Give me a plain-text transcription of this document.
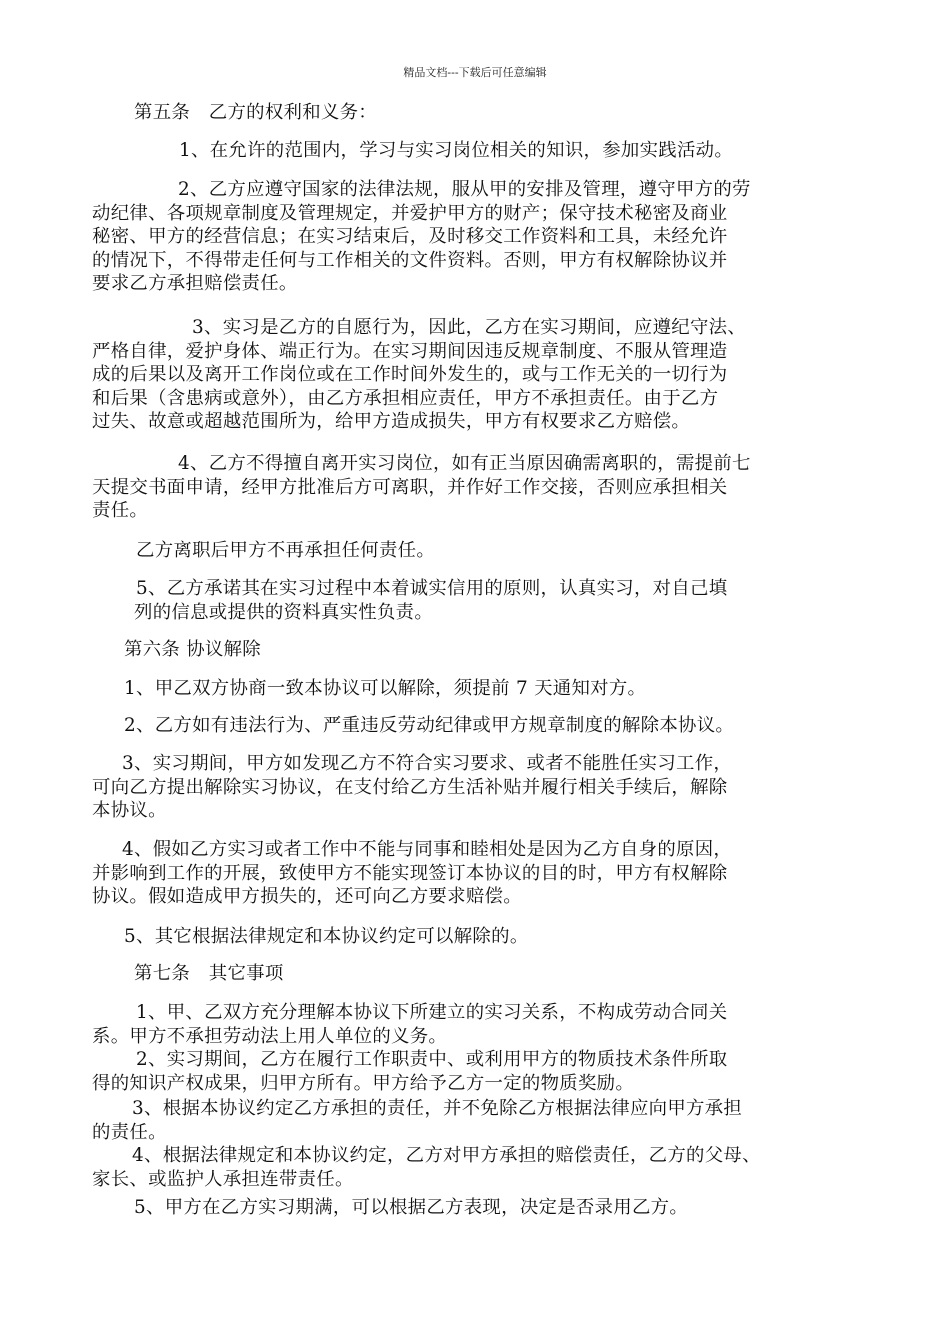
精品文档---下载后可任意编辑
第五条　乙方的权利和义务：
1、在允许的范围内，学习与实习岗位相关的知识，参加实践活动。
2、乙方应遵守国家的法律法规，服从甲的安排及管理，遵守甲方的劳
动纪律、各项规章制度及管理规定，并爱护甲方的财产；保守技术秘密及商业
秘密、甲方的经营信息；在实习结束后，及时移交工作资料和工具，未经允许
的情况下，不得带走任何与工作相关的文件资料。否则，甲方有权解除协议并
要求乙方承担赔偿责任。
3、实习是乙方的自愿行为，因此，乙方在实习期间，应遵纪守法、
严格自律，爱护身体、端正行为。在实习期间因违反规章制度、不服从管理造
成的后果以及离开工作岗位或在工作时间外发生的，或与工作无关的一切行为
和后果（含患病或意外），由乙方承担相应责任，甲方不承担责任。由于乙方
过失、故意或超越范围所为，给甲方造成损失，甲方有权要求乙方赔偿。
4、乙方不得擅自离开实习岗位，如有正当原因确需离职的，需提前七
天提交书面申请，经甲方批准后方可离职，并作好工作交接，否则应承担相关
责任。
乙方离职后甲方不再承担任何责任。
5、乙方承诺其在实习过程中本着诚实信用的原则，认真实习，对自己填
列的信息或提供的资料真实性负责。
第六条 协议解除
1、甲乙双方协商一致本协议可以解除，须提前 7 天通知对方。
2、乙方如有违法行为、严重违反劳动纪律或甲方规章制度的解除本协议。
3、实习期间，甲方如发现乙方不符合实习要求、或者不能胜任实习工作，
可向乙方提出解除实习协议，在支付给乙方生活补贴并履行相关手续后，解除
本协议。
4、假如乙方实习或者工作中不能与同事和睦相处是因为乙方自身的原因，
并影响到工作的开展，致使甲方不能实现签订本协议的目的时，甲方有权解除
协议。假如造成甲方损失的，还可向乙方要求赔偿。
5、其它根据法律规定和本协议约定可以解除的。
第七条　其它事项
1、甲、乙双方充分理解本协议下所建立的实习关系，不构成劳动合同关
系。甲方不承担劳动法上用人单位的义务。
2、实习期间，乙方在履行工作职责中、或利用甲方的物质技术条件所取
得的知识产权成果，归甲方所有。甲方给予乙方一定的物质奖励。
3、根据本协议约定乙方承担的责任，并不免除乙方根据法律应向甲方承担
的责任。
4、根据法律规定和本协议约定，乙方对甲方承担的赔偿责任，乙方的父母、
家长、或监护人承担连带责任。
5、甲方在乙方实习期满，可以根据乙方表现，决定是否录用乙方。
